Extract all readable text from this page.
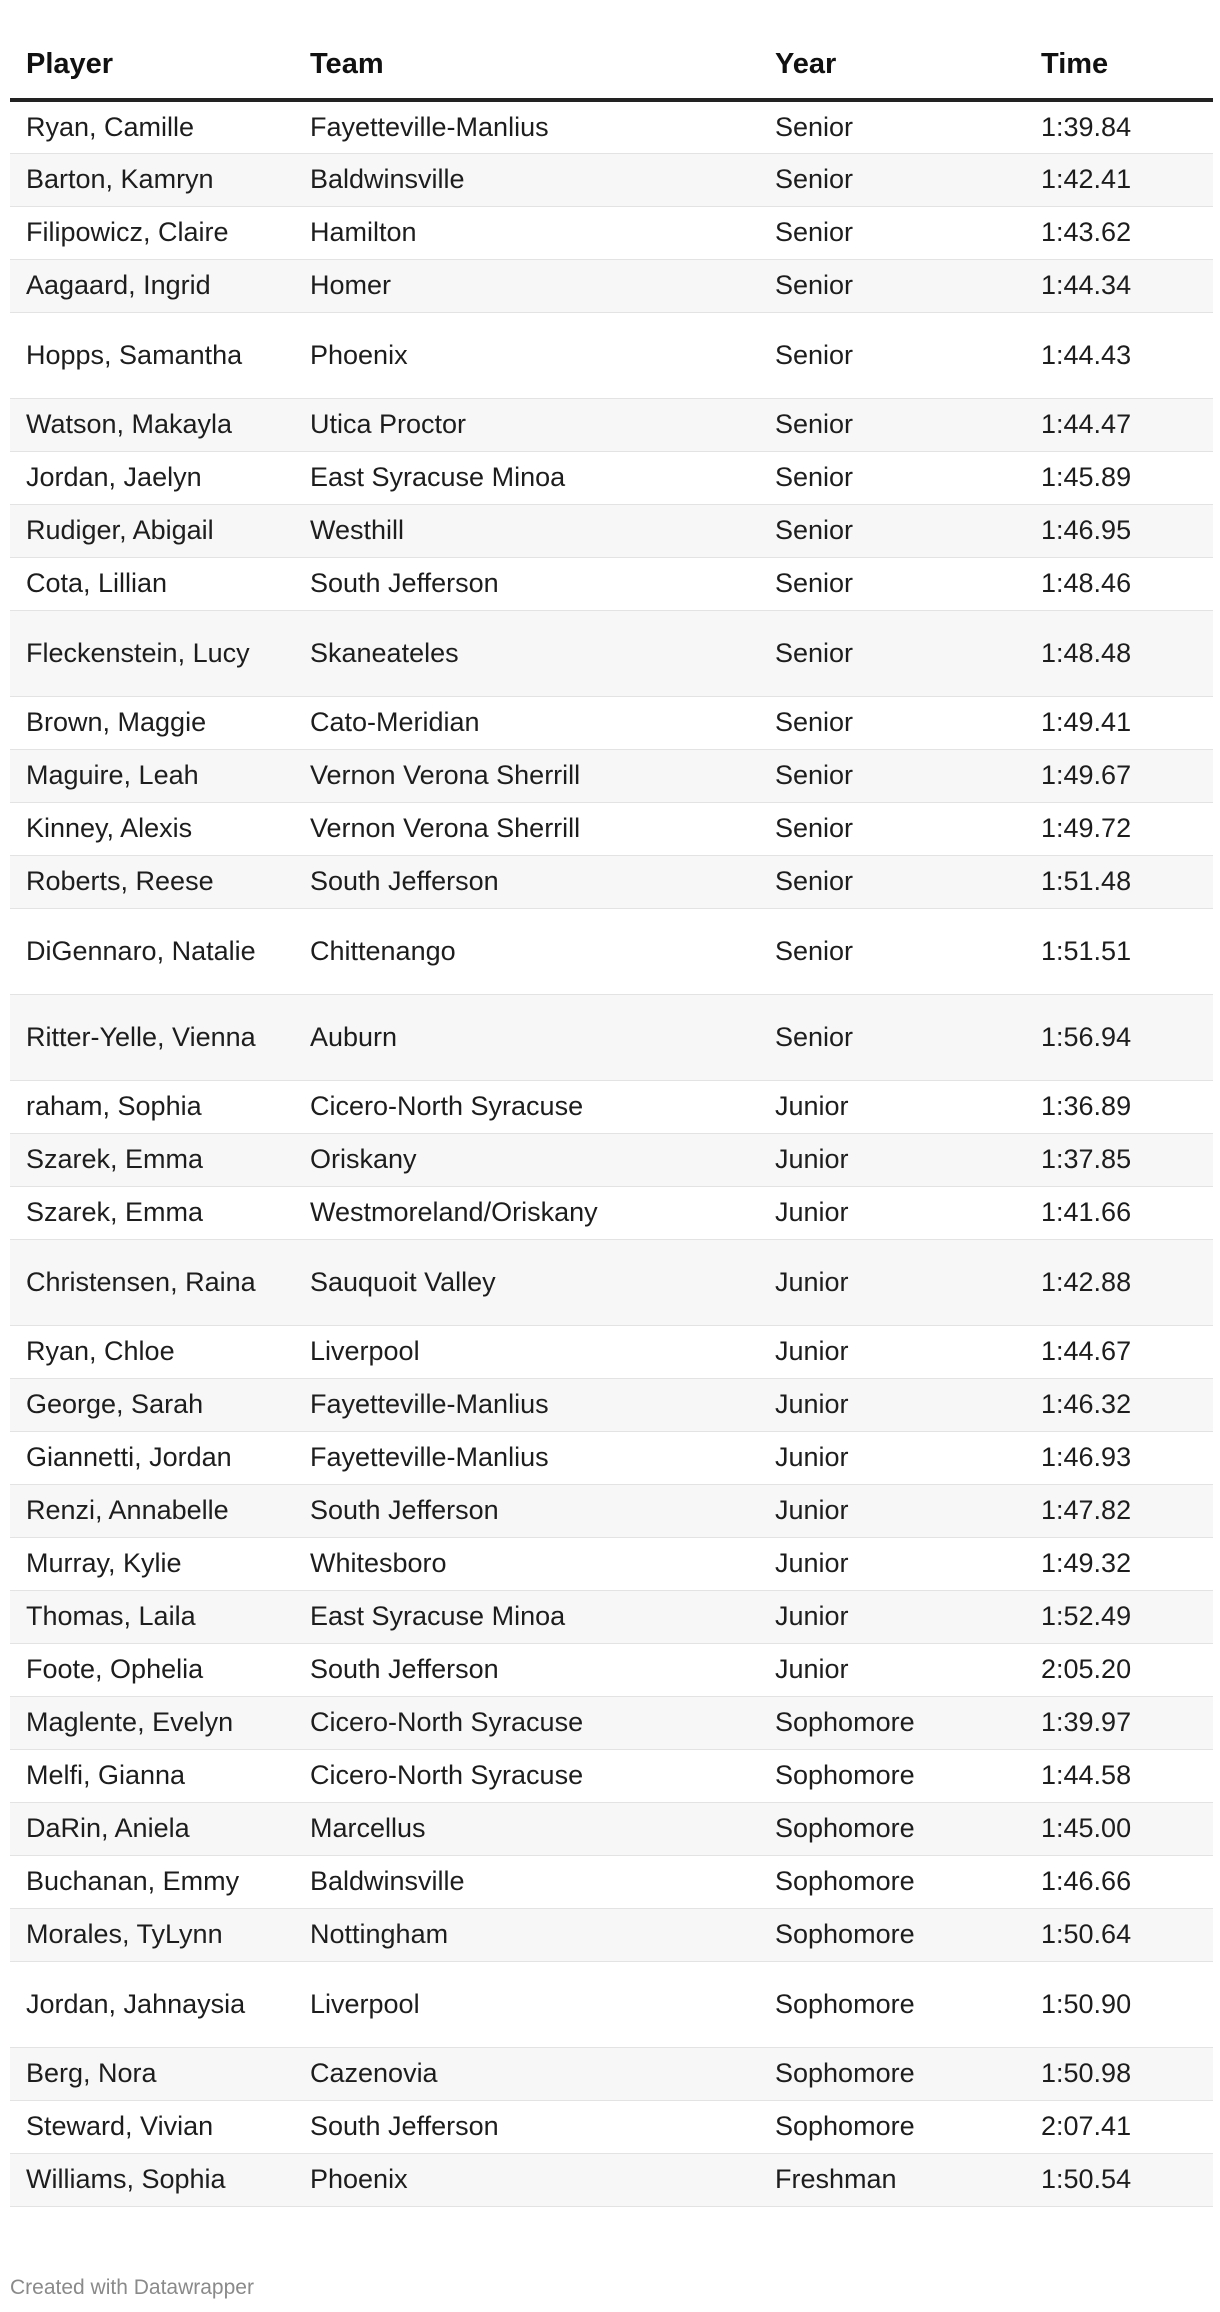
Player	Team	Year	Time
Ryan, Camille	Fayetteville-Manlius	Senior	1:39.84
Barton, Kamryn	Baldwinsville	Senior	1:42.41
Filipowicz, Claire	Hamilton	Senior	1:43.62
Aagaard, Ingrid	Homer	Senior	1:44.34
Hopps, Samantha	Phoenix	Senior	1:44.43
Watson, Makayla	Utica Proctor	Senior	1:44.47
Jordan, Jaelyn	East Syracuse Minoa	Senior	1:45.89
Rudiger, Abigail	Westhill	Senior	1:46.95
Cota, Lillian	South Jefferson	Senior	1:48.46
Fleckenstein, Lucy	Skaneateles	Senior	1:48.48
Brown, Maggie	Cato-Meridian	Senior	1:49.41
Maguire, Leah	Vernon Verona Sherrill	Senior	1:49.67
Kinney, Alexis	Vernon Verona Sherrill	Senior	1:49.72
Roberts, Reese	South Jefferson	Senior	1:51.48
DiGennaro, Natalie	Chittenango	Senior	1:51.51
Ritter-Yelle, Vienna	Auburn	Senior	1:56.94
raham, Sophia	Cicero-North Syracuse	Junior	1:36.89
Szarek, Emma	Oriskany	Junior	1:37.85
Szarek, Emma	Westmoreland/Oriskany	Junior	1:41.66
Christensen, Raina	Sauquoit Valley	Junior	1:42.88
Ryan, Chloe	Liverpool	Junior	1:44.67
George, Sarah	Fayetteville-Manlius	Junior	1:46.32
Giannetti, Jordan	Fayetteville-Manlius	Junior	1:46.93
Renzi, Annabelle	South Jefferson	Junior	1:47.82
Murray, Kylie	Whitesboro	Junior	1:49.32
Thomas, Laila	East Syracuse Minoa	Junior	1:52.49
Foote, Ophelia	South Jefferson	Junior	2:05.20
Maglente, Evelyn	Cicero-North Syracuse	Sophomore	1:39.97
Melfi, Gianna	Cicero-North Syracuse	Sophomore	1:44.58
DaRin, Aniela	Marcellus	Sophomore	1:45.00
Buchanan, Emmy	Baldwinsville	Sophomore	1:46.66
Morales, TyLynn	Nottingham	Sophomore	1:50.64
Jordan, Jahnaysia	Liverpool	Sophomore	1:50.90
Berg, Nora	Cazenovia	Sophomore	1:50.98
Steward, Vivian	South Jefferson	Sophomore	2:07.41
Williams, Sophia	Phoenix	Freshman	1:50.54
Created with Datawrapper
